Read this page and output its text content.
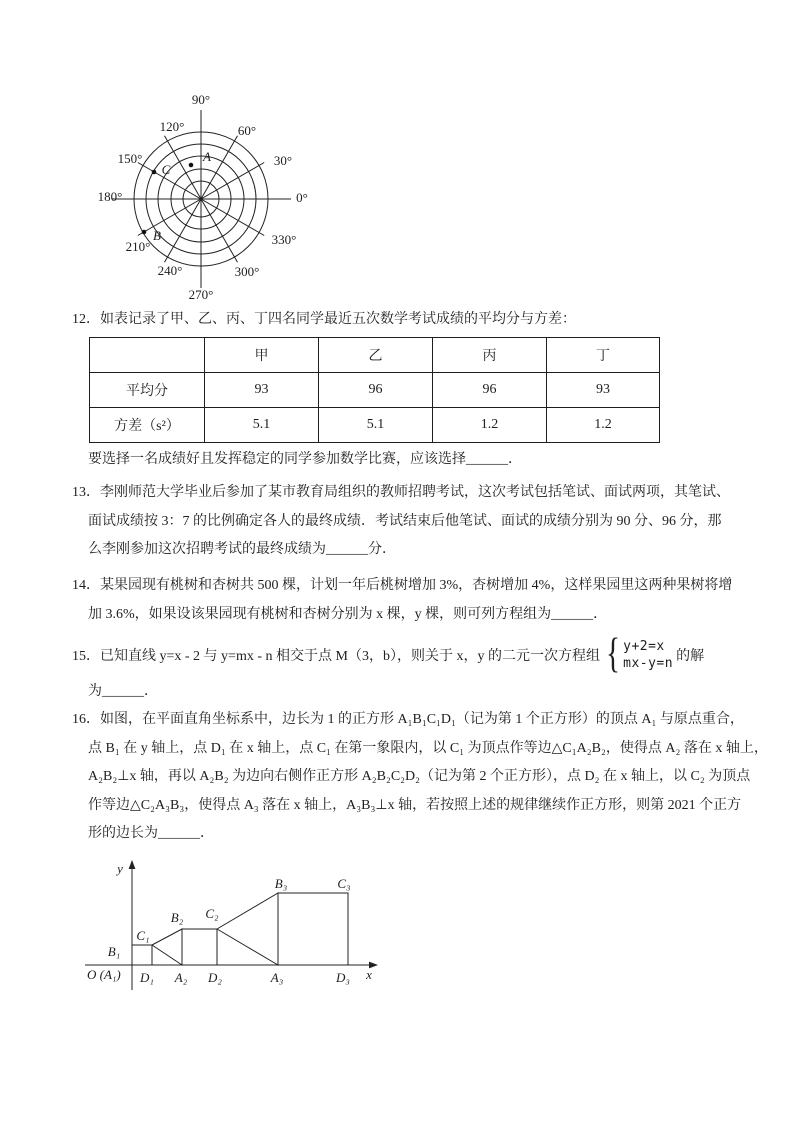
90°
120°	60°
150°	30°
180°	0°
210°	330°
240°	300°
270°
A
C
B
12．如表记录了甲、乙、丙、丁四名同学最近五次数学考试成绩的平均分与方差：
	甲	乙	丙	丁
平均分	93	96	96	93
方差（s²）	5.1	5.1	1.2	1.2
要选择一名成绩好且发挥稳定的同学参加数学比赛，应该选择______．
13．李刚师范大学毕业后参加了某市教育局组织的教师招聘考试，这次考试包括笔试、面试两项，其笔试、
面试成绩按 3：7 的比例确定各人的最终成绩．考试结束后他笔试、面试的成绩分别为 90 分、96 分，那
么李刚参加这次招聘考试的最终成绩为______分．
14．某果园现有桃树和杏树共 500 棵，计划一年后桃树增加 3%，杏树增加 4%，这样果园里这两种果树将增
加 3.6%，如果设该果园现有桃树和杏树分别为 x 棵，y 棵，则可列方程组为______．
15． 已知直线 y=x - 2 与 y=mx - n 相交于点 M（3，b），则关于 x，y 的二元一次方程组 { y+2=x
mx-y=n 的解
为______．
16．如图，在平面直角坐标系中，边长为 1 的正方形 A₁B₁C₁D₁（记为第 1 个正方形）的顶点 A₁ 与原点重合，
点 B₁ 在 y 轴上，点 D₁ 在 x 轴上，点 C₁ 在第一象限内，以 C₁ 为顶点作等边△C₁A₂B₂，使得点 A₂ 落在 x 轴上，
A₂B₂⊥x 轴，再以 A₂B₂ 为边向右侧作正方形 A₂B₂C₂D₂（记为第 2 个正方形），点 D₂ 在 x 轴上，以 C₂ 为顶点
作等边△C₂A₃B₃，使得点 A₃ 落在 x 轴上，A₃B₃⊥x 轴，若按照上述的规律继续作正方形，则第 2021 个正方
形的边长为______．
y
x
O (A₁)
B₁
C₁
D₁
B₂ C₂
A₂ D₂
B₃	C₃
A₃	D₃
